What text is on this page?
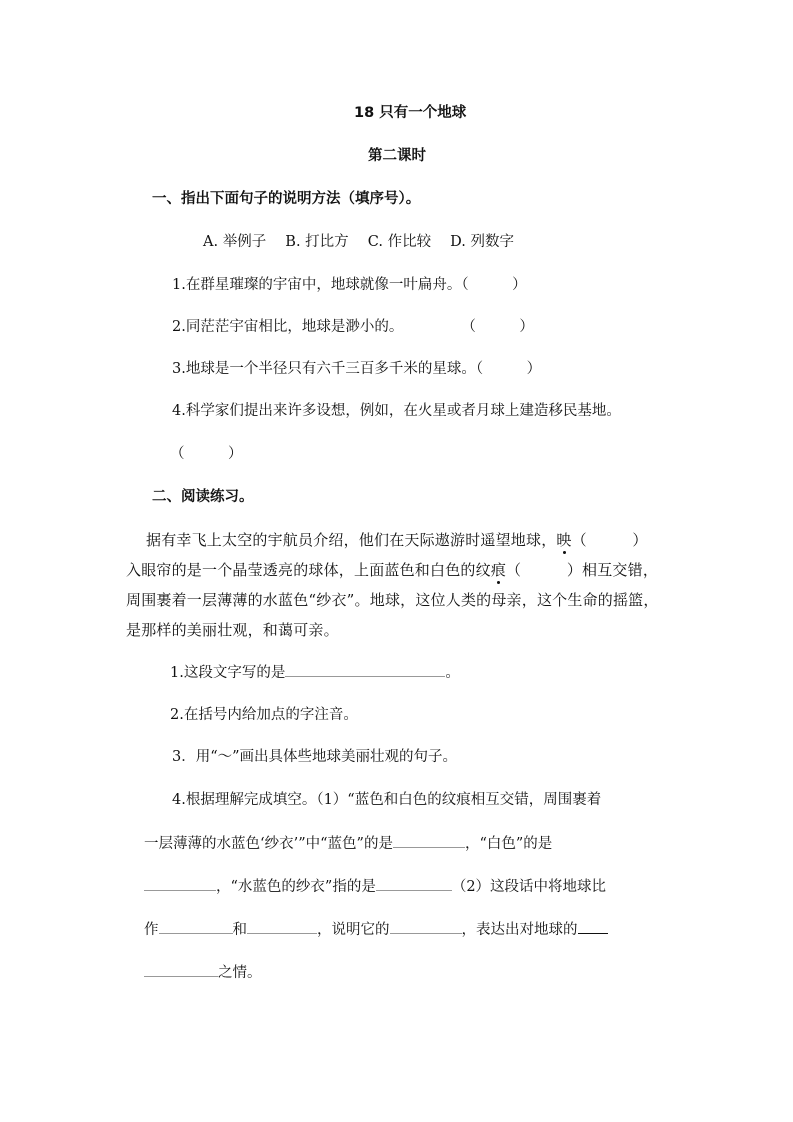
18 只有一个地球
第二课时
一、指出下面句子的说明方法（填序号）。
A. 举例子　 B. 打比方　 C. 作比较　 D. 列数字
1.在群星璀璨的宇宙中，地球就像一叶扁舟。（　　　）
2.同茫茫宇宙相比，地球是渺小的。　　　　　（　　　）
3.地球是一个半径只有六千三百多千米的星球。（　　　）
4.科学家们提出来许多设想，例如，在火星或者月球上建造移民基地。
（　　　）
二、阅读练习。
据有幸飞上太空的宇航员介绍，他们在天际遨游时遥望地球，映（　　　）
入眼帘的是一个晶莹透亮的球体，上面蓝色和白色的纹痕（　　　）相互交错，
周围裹着一层薄薄的水蓝色“纱衣”。地球，这位人类的母亲，这个生命的摇篮，
是那样的美丽壮观，和蔼可亲。
1.这段文字写的是	。
2.在括号内给加点的字注音。
3．用“～”画出具体些地球美丽壮观的句子。
4.根据理解完成填空。（1）“蓝色和白色的纹痕相互交错，周围裹着
一层薄薄的水蓝色‘纱衣’”中“蓝色”的是	，“白色”的是
，“水蓝色的纱衣”指的是	（2）这段话中将地球比
作	和	，说明它的	，表达出对地球的
之情。
